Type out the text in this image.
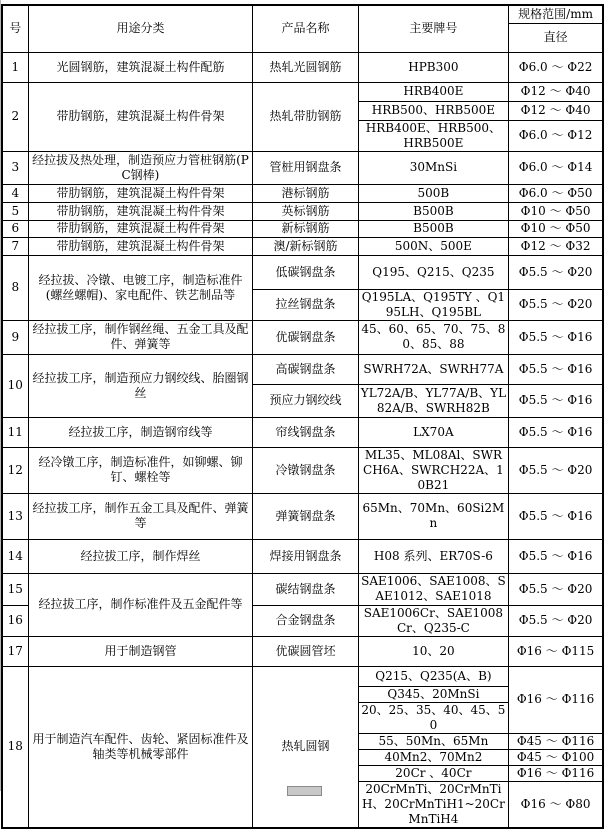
号	用途分类	产品名称	主要牌号	规格范围/mm
				直径
1	光圆钢筋，建筑混凝土构件配筋	热轧光圆钢筋	HPB300	Φ6.0 ～ Φ22
2	带肋钢筋，建筑混凝土构件骨架	热轧带肋钢筋	HRB400E	Φ12 ～ Φ40
			HRB500、HRB500E	Φ12 ～ Φ40
			HRB400E、HRB500、HRB500E	Φ6.0 ～ Φ12
3	经拉拔及热处理，制造预应力管桩钢筋(PC钢棒)	管桩用钢盘条	30MnSi	Φ6.0 ～ Φ14
4	带肋钢筋，建筑混凝土构件骨架	港标钢筋	500B	Φ6.0 ～ Φ50
5	带肋钢筋，建筑混凝土构件骨架	英标钢筋	B500B	Φ10 ～ Φ50
6	带肋钢筋，建筑混凝土构件骨架	新标钢筋	B500B	Φ10 ～ Φ50
7	带肋钢筋，建筑混凝土构件骨架	澳/新标钢筋	500N、500E	Φ12 ～ Φ32
8	经拉拔、冷镦、电镀工序，制造标准件(螺丝螺帽)、家电配件、铁艺制品等	低碳钢盘条	Q195、Q215、Q235	Φ5.5 ～ Φ20
		拉丝钢盘条	Q195LA、Q195TY 、Q195LH、Q195BL	Φ5.5 ～ Φ20
9	经拉拔工序，制作钢丝绳、五金工具及配件、弹簧等	优碳钢盘条	45、60、65、70、75、80、85、88	Φ5.5 ～ Φ16
10	经拉拔工序，制造预应力钢绞线、胎圈钢丝	高碳钢盘条	SWRH72A、SWRH77A	Φ5.5 ～ Φ16
		预应力钢绞线	YL72A/B、YL77A/B、YL82A/B、SWRH82B	Φ5.5 ～ Φ16
11	经拉拔工序，制造钢帘线等	帘线钢盘条	LX70A	Φ5.5 ～ Φ16
12	经冷镦工序，制造标准件，如铆螺、铆钉、螺栓等	冷镦钢盘条	ML35、ML08Al、SWRCH6A、SWRCH22A、10B21	Φ5.5 ～ Φ20
13	经拉拔工序，制作五金工具及配件、弹簧等	弹簧钢盘条	65Mn、70Mn、60Si2Mn	Φ5.5 ～ Φ16
14	经拉拔工序，制作焊丝	焊接用钢盘条	H08 系列、ER70S-6	Φ5.5 ～ Φ16
15	经拉拔工序，制作标准件及五金配件等	碳结钢盘条	SAE1006、SAE1008、SAE1012、SAE1018	Φ5.5 ～ Φ20
16		合金钢盘条	SAE1006Cr、SAE1008Cr、Q235-C	Φ5.5 ～ Φ20
17	用于制造钢管	优碳圆管坯	10、20	Φ16 ～ Φ115
18	用于制造汽车配件、齿轮、紧固标准件及轴类等机械零部件	热轧圆钢	Q215、Q235(A、B)	Φ16 ～ Φ116
			Q345、20MnSi	
			20、25、35、40、45、50	
			55、50Mn、65Mn	Φ45 ～ Φ116
			40Mn2、70Mn2	Φ45 ～ Φ100
			20Cr 、40Cr	Φ16 ～ Φ116
			20CrMnTi、20CrMnTiH、20CrMnTiH1~20CrMnTiH4	Φ16 ～ Φ80
